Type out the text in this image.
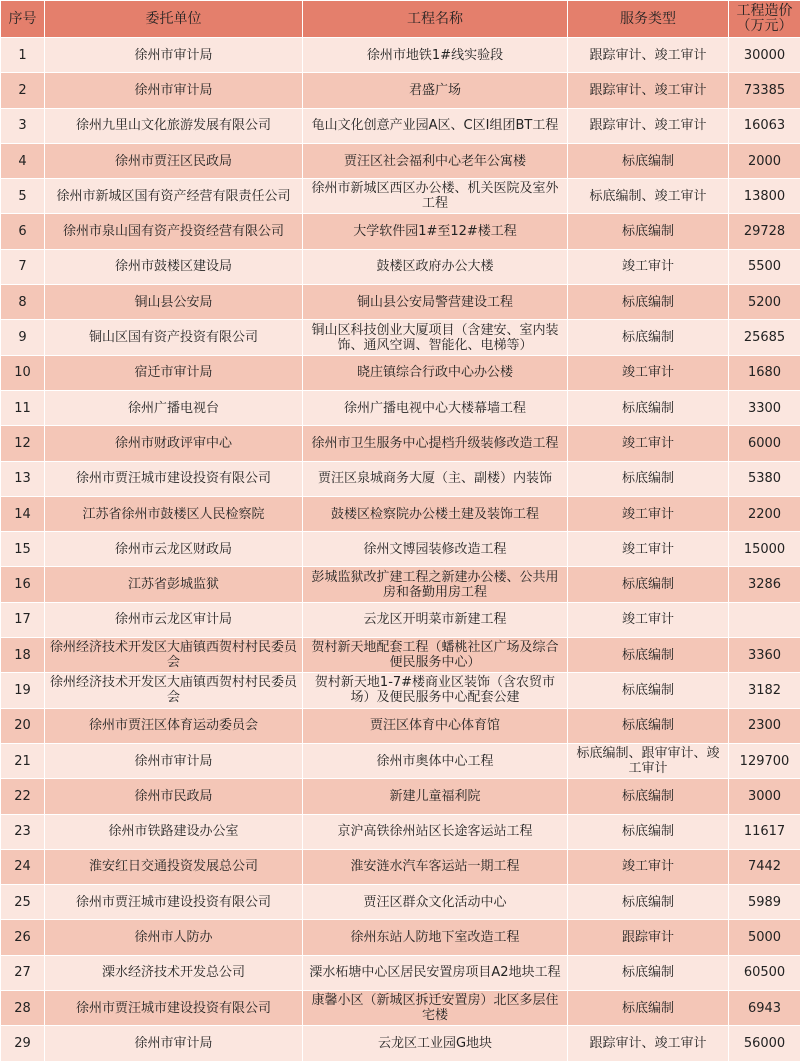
序号	委托单位	工程名称	服务类型	工程造价（万元）
1	徐州市审计局	徐州市地铁1#线实验段	跟踪审计、竣工审计	30000
2	徐州市审计局	君盛广场	跟踪审计、竣工审计	73385
3	徐州九里山文化旅游发展有限公司	龟山文化创意产业园A区、C区Ⅰ组团BT工程	跟踪审计、竣工审计	16063
4	徐州市贾汪区民政局	贾汪区社会福利中心老年公寓楼	标底编制	2000
5	徐州市新城区国有资产经营有限责任公司	徐州市新城区西区办公楼、机关医院及室外工程	标底编制、竣工审计	13800
6	徐州市泉山国有资产投资经营有限公司	大学软件园1#至12#楼工程	标底编制	29728
7	徐州市鼓楼区建设局	鼓楼区政府办公大楼	竣工审计	5500
8	铜山县公安局	铜山县公安局警营建设工程	标底编制	5200
9	铜山区国有资产投资有限公司	铜山区科技创业大厦项目（含建安、室内装饰、通风空调、智能化、电梯等）	标底编制	25685
10	宿迁市审计局	晓庄镇综合行政中心办公楼	竣工审计	1680
11	徐州广播电视台	徐州广播电视中心大楼幕墙工程	标底编制	3300
12	徐州市财政评审中心	徐州市卫生服务中心提档升级装修改造工程	竣工审计	6000
13	徐州市贾汪城市建设投资有限公司	贾汪区泉城商务大厦（主、副楼）内装饰	标底编制	5380
14	江苏省徐州市鼓楼区人民检察院	鼓楼区检察院办公楼土建及装饰工程	竣工审计	2200
15	徐州市云龙区财政局	徐州文博园装修改造工程	竣工审计	15000
16	江苏省彭城监狱	彭城监狱改扩建工程之新建办公楼、公共用房和备勤用房工程	标底编制	3286
17	徐州市云龙区审计局	云龙区开明菜市新建工程	竣工审计	
18	徐州经济技术开发区大庙镇西贺村村民委员会	贺村新天地配套工程（蟠桃社区广场及综合便民服务中心）	标底编制	3360
19	徐州经济技术开发区大庙镇西贺村村民委员会	贺村新天地1-7#楼商业区装饰（含农贸市场）及便民服务中心配套公建	标底编制	3182
20	徐州市贾汪区体育运动委员会	贾汪区体育中心体育馆	标底编制	2300
21	徐州市审计局	徐州市奥体中心工程	标底编制、跟审审计、竣工审计	129700
22	徐州市民政局	新建儿童福利院	标底编制	3000
23	徐州市铁路建设办公室	京沪高铁徐州站区长途客运站工程	标底编制	11617
24	淮安红日交通投资发展总公司	淮安涟水汽车客运站一期工程	竣工审计	7442
25	徐州市贾汪城市建设投资有限公司	贾汪区群众文化活动中心	标底编制	5989
26	徐州市人防办	徐州东站人防地下室改造工程	跟踪审计	5000
27	溧水经济技术开发总公司	溧水柘塘中心区居民安置房项目A2地块工程	标底编制	60500
28	徐州市贾汪城市建设投资有限公司	康馨小区（新城区拆迁安置房）北区多层住宅楼	标底编制	6943
29	徐州市审计局	云龙区工业园G地块	跟踪审计、竣工审计	56000
